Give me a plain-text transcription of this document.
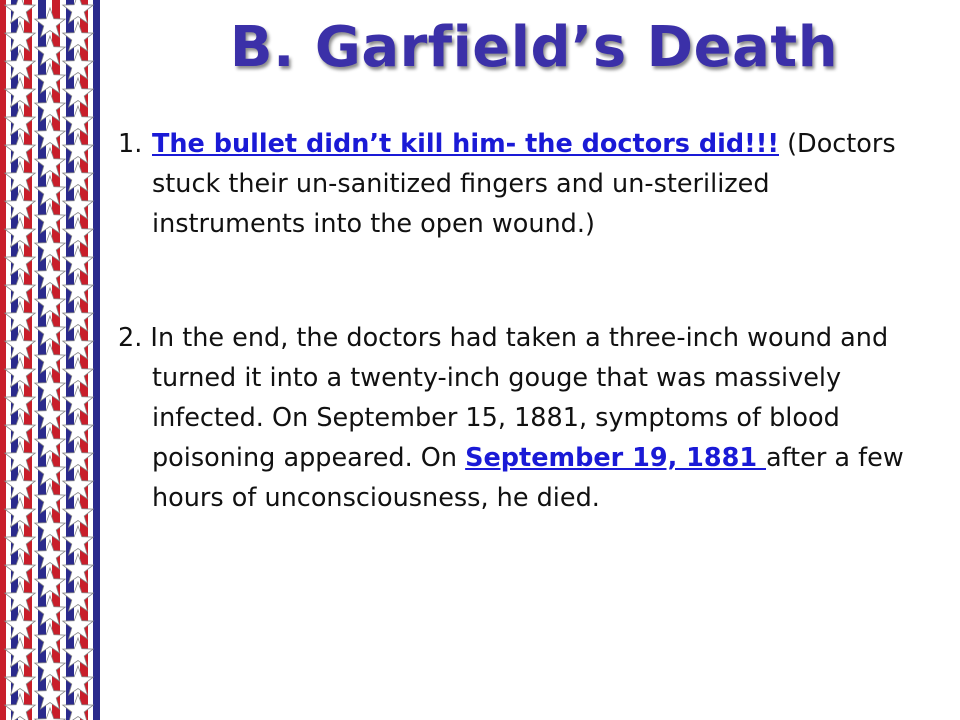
B. Garfield’s Death

1. The bullet didn’t kill him- the doctors did!!! (Doctors stuck their un-sanitized fingers and un-sterilized instruments into the open wound.)

2. In the end, the doctors had taken a three-inch wound and turned it into a twenty-inch gouge that was massively infected. On September 15, 1881, symptoms of blood poisoning appeared. On September 19, 1881 after a few hours of unconsciousness, he died.
